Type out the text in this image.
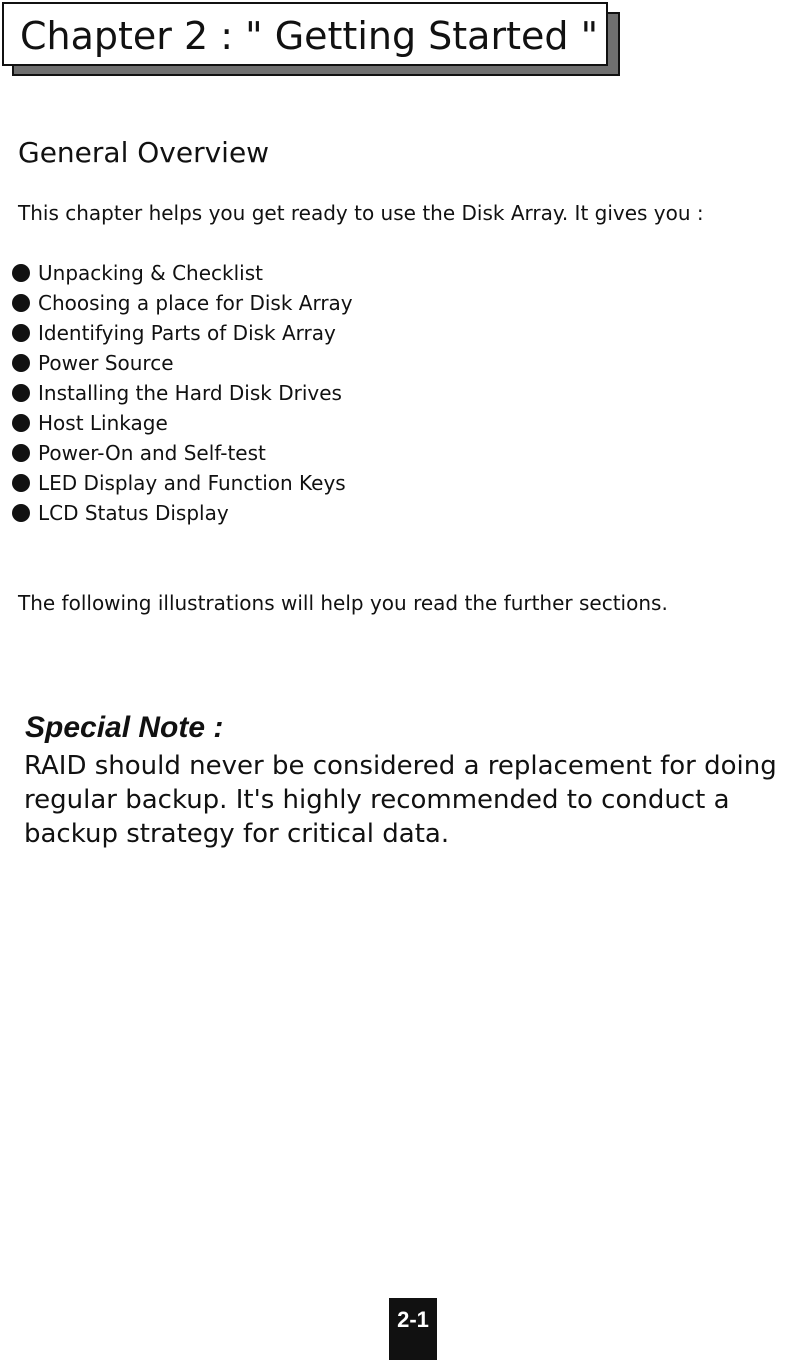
Chapter 2 : " Getting Started "
General Overview
This chapter helps you get ready to use the Disk Array. It gives you :
Unpacking & Checklist
Choosing a place for Disk Array
Identifying Parts of Disk Array
Power Source
Installing the Hard Disk Drives
Host Linkage
Power-On and Self-test
LED Display and Function Keys
LCD Status Display
The following illustrations will help you read the further sections.
Special Note :
RAID should never be considered a replacement for doing
regular backup. It's highly recommended to conduct a
backup strategy for critical data.
2-1
